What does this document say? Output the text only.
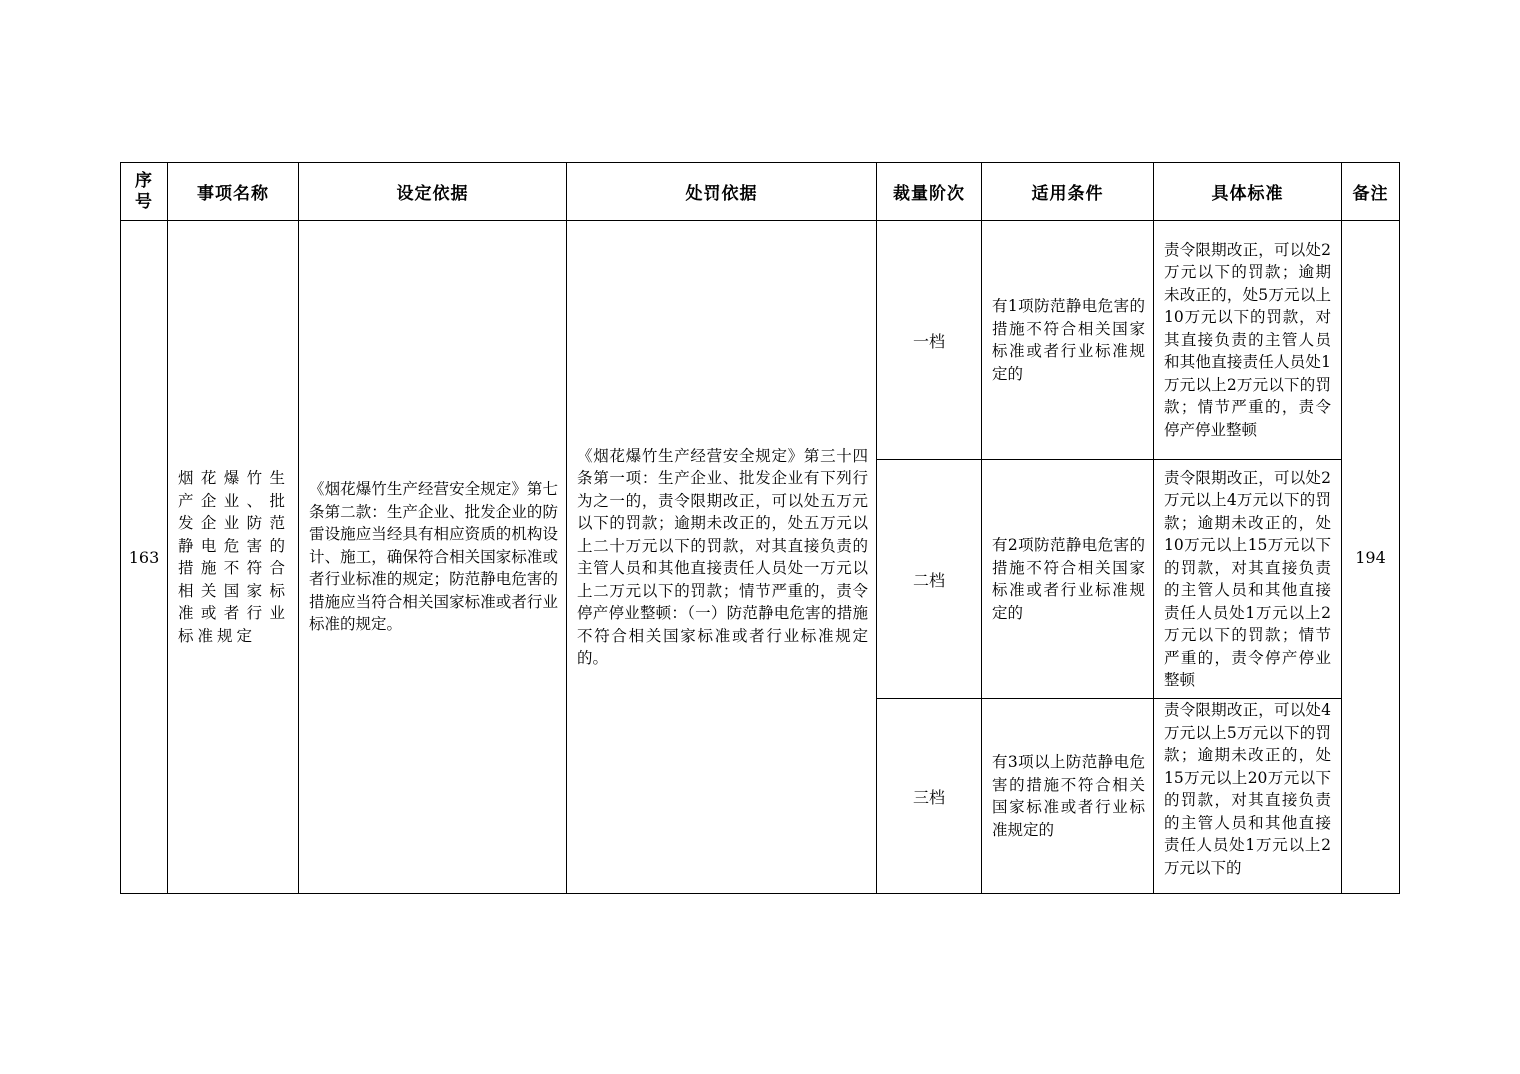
序号	事项名称	设定依据	处罚依据	裁量阶次	适用条件	具体标准	备注
163	烟花爆竹生产企业、批发企业防范静电危害的措施不符合相关国家标准或者行业标准规定	《烟花爆竹生产经营安全规定》第七条第二款：生产企业、批发企业的防雷设施应当经具有相应资质的机构设计、施工，确保符合相关国家标准或者行业标准的规定；防范静电危害的措施应当符合相关国家标准或者行业标准的规定。	《烟花爆竹生产经营安全规定》第三十四条第一项：生产企业、批发企业有下列行为之一的，责令限期改正，可以处五万元以下的罚款；逾期未改正的，处五万元以上二十万元以下的罚款，对其直接负责的主管人员和其他直接责任人员处一万元以上二万元以下的罚款；情节严重的，责令停产停业整顿：（一）防范静电危害的措施不符合相关国家标准或者行业标准规定的。	一档	有1项防范静电危害的措施不符合相关国家标准或者行业标准规定的	责令限期改正，可以处2万元以下的罚款；逾期未改正的，处5万元以上10万元以下的罚款，对其直接负责的主管人员和其他直接责任人员处1万元以上2万元以下的罚款；情节严重的，责令停产停业整顿	194
				二档	有2项防范静电危害的措施不符合相关国家标准或者行业标准规定的	责令限期改正，可以处2万元以上4万元以下的罚款；逾期未改正的，处10万元以上15万元以下的罚款，对其直接负责的主管人员和其他直接责任人员处1万元以上2万元以下的罚款；情节严重的，责令停产停业整顿	

				三档	有3项以上防范静电危害的措施不符合相关国家标准或者行业标准规定的	责令限期改正，可以处4万元以上5万元以下的罚款；逾期未改正的，处15万元以上20万元以下的罚款，对其直接负责的主管人员和其他直接责任人员处1万元以上2万元以下的	
